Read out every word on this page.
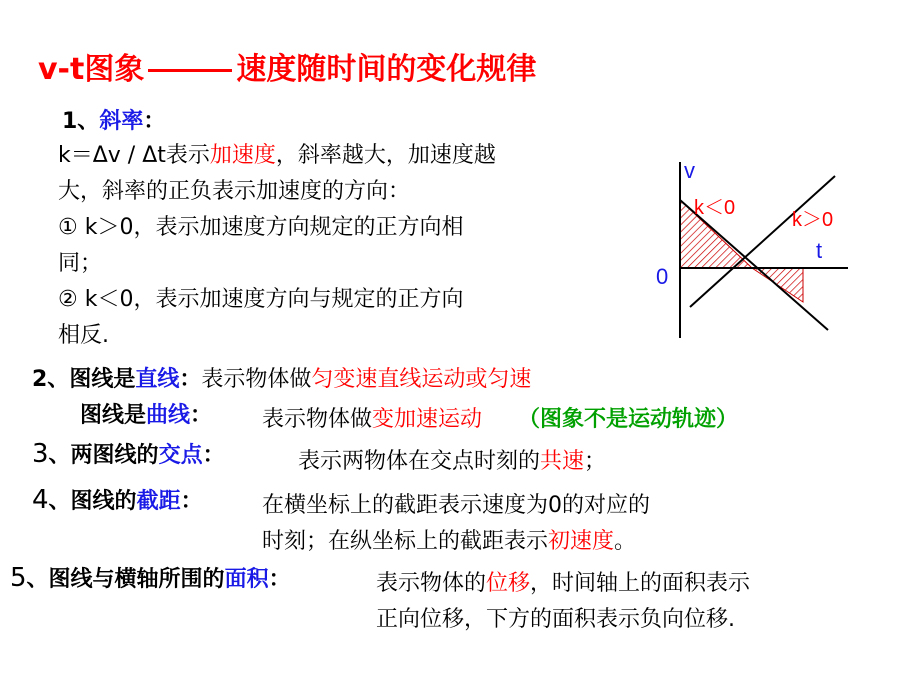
v-t图象	速度随时间的变化规律
1、斜率：
k＝Δv / Δt表示加速度，斜率越大，加速度越
大，斜率的正负表示加速度的方向：
① k＞0，表示加速度方向规定的正方向相
同；
② k＜0，表示加速度方向与规定的正方向
相反.
v
t
0
k＜0
k＞0
2、图线是直线：表示物体做匀变速直线运动或匀速
图线是曲线： 表示物体做变加速运动 （图象不是运动轨迹）
3、两图线的交点：	表示两物体在交点时刻的共速；
4、图线的截距：	在横坐标上的截距表示速度为0的对应的
时刻；在纵坐标上的截距表示初速度。
5、图线与横轴所围的面积：	表示物体的位移，时间轴上的面积表示
正向位移，下方的面积表示负向位移.
